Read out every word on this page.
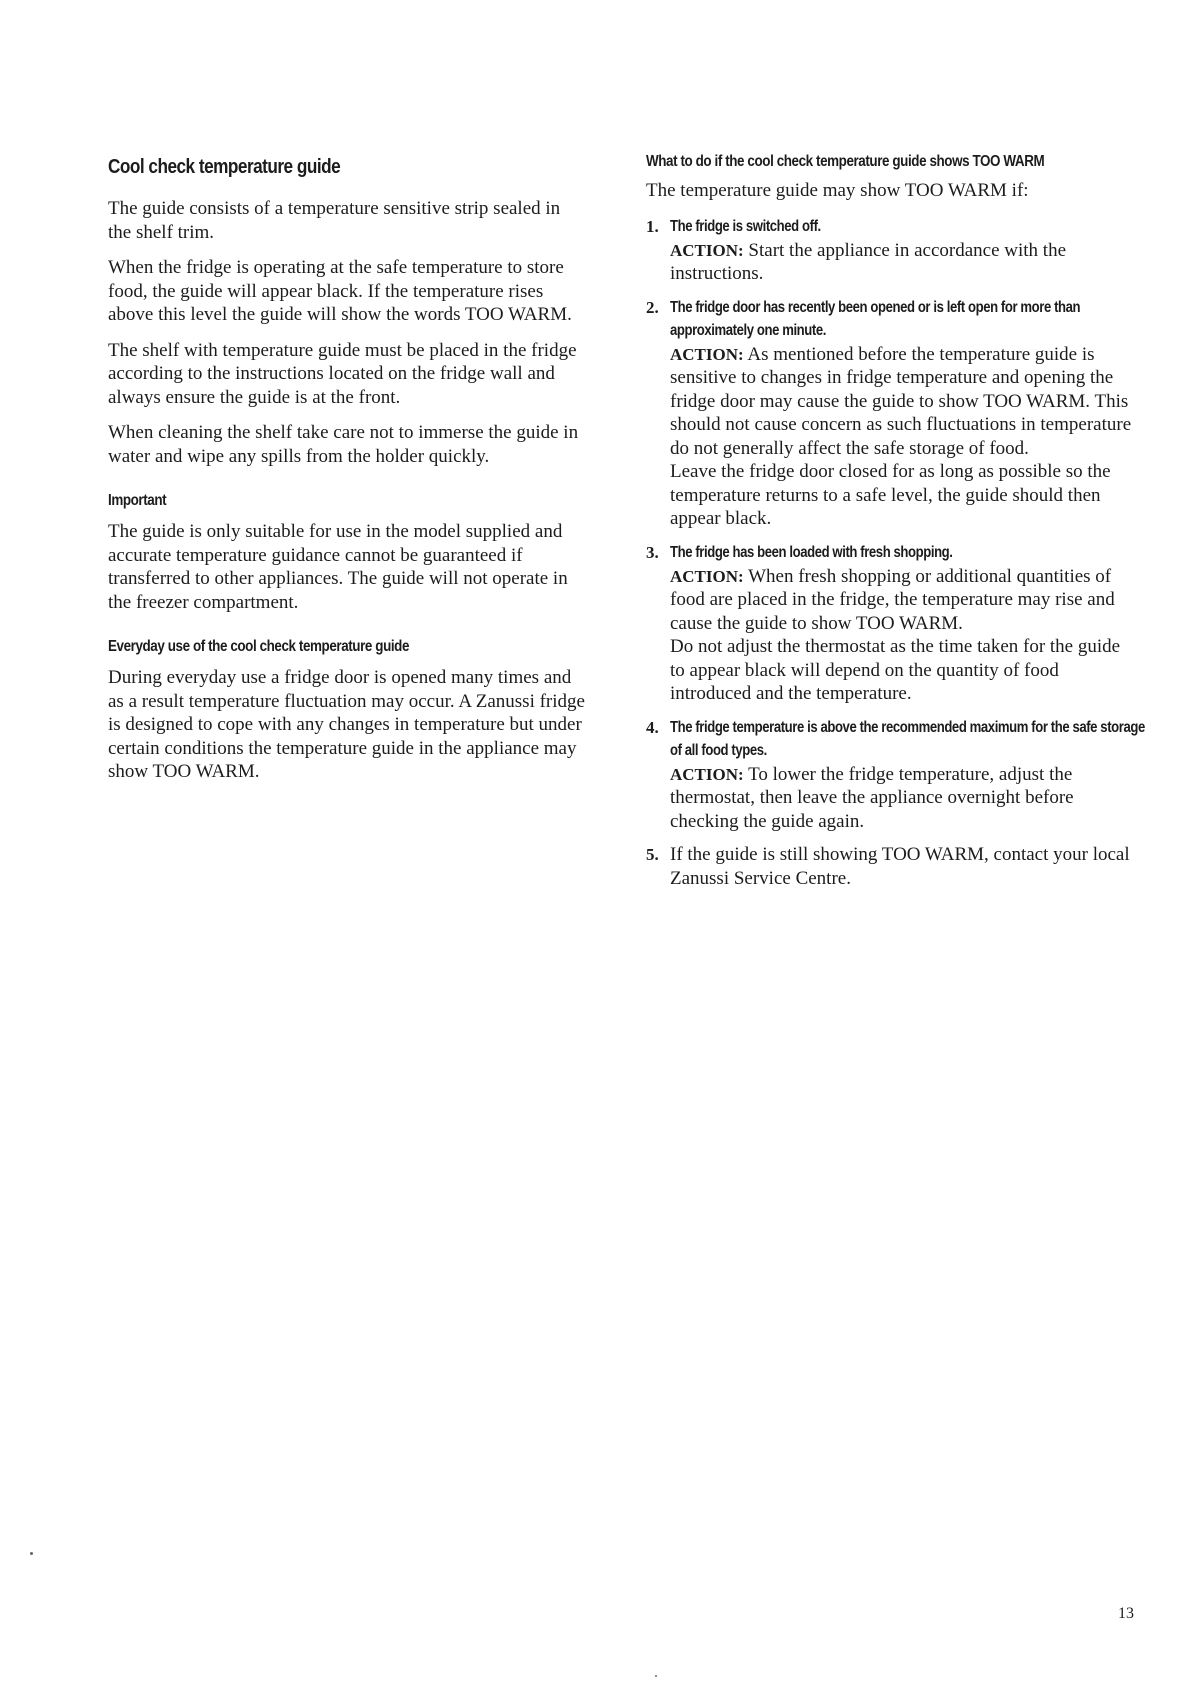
Cool check temperature guide

The guide consists of a temperature sensitive strip sealed in the shelf trim.

When the fridge is operating at the safe temperature to store food, the guide will appear black. If the temperature rises above this level the guide will show the words TOO WARM.

The shelf with temperature guide must be placed in the fridge according to the instructions located on the fridge wall and always ensure the guide is at the front.

When cleaning the shelf take care not to immerse the guide in water and wipe any spills from the holder quickly.

Important

The guide is only suitable for use in the model supplied and accurate temperature guidance cannot be guaranteed if transferred to other appliances. The guide will not operate in the freezer compartment.

Everyday use of the cool check temperature guide

During everyday use a fridge door is opened many times and as a result temperature fluctuation may occur. A Zanussi fridge is designed to cope with any changes in temperature but under certain conditions the temperature guide in the appliance may show TOO WARM.

What to do if the cool check temperature guide shows TOO WARM

The temperature guide may show TOO WARM if:

1. The fridge is switched off.
ACTION: Start the appliance in accordance with the instructions.
2. The fridge door has recently been opened or is left open for more than approximately one minute.
ACTION: As mentioned before the temperature guide is sensitive to changes in fridge temperature and opening the fridge door may cause the guide to show TOO WARM. This should not cause concern as such fluctuations in temperature do not generally affect the safe storage of food.
Leave the fridge door closed for as long as possible so the temperature returns to a safe level, the guide should then appear black.
3. The fridge has been loaded with fresh shopping.
ACTION: When fresh shopping or additional quantities of food are placed in the fridge, the temperature may rise and cause the guide to show TOO WARM.
Do not adjust the thermostat as the time taken for the guide to appear black will depend on the quantity of food introduced and the temperature.
4. The fridge temperature is above the recommended maximum for the safe storage of all food types.
ACTION: To lower the fridge temperature, adjust the thermostat, then leave the appliance overnight before checking the guide again.
5. If the guide is still showing TOO WARM, contact your local Zanussi Service Centre.
13
